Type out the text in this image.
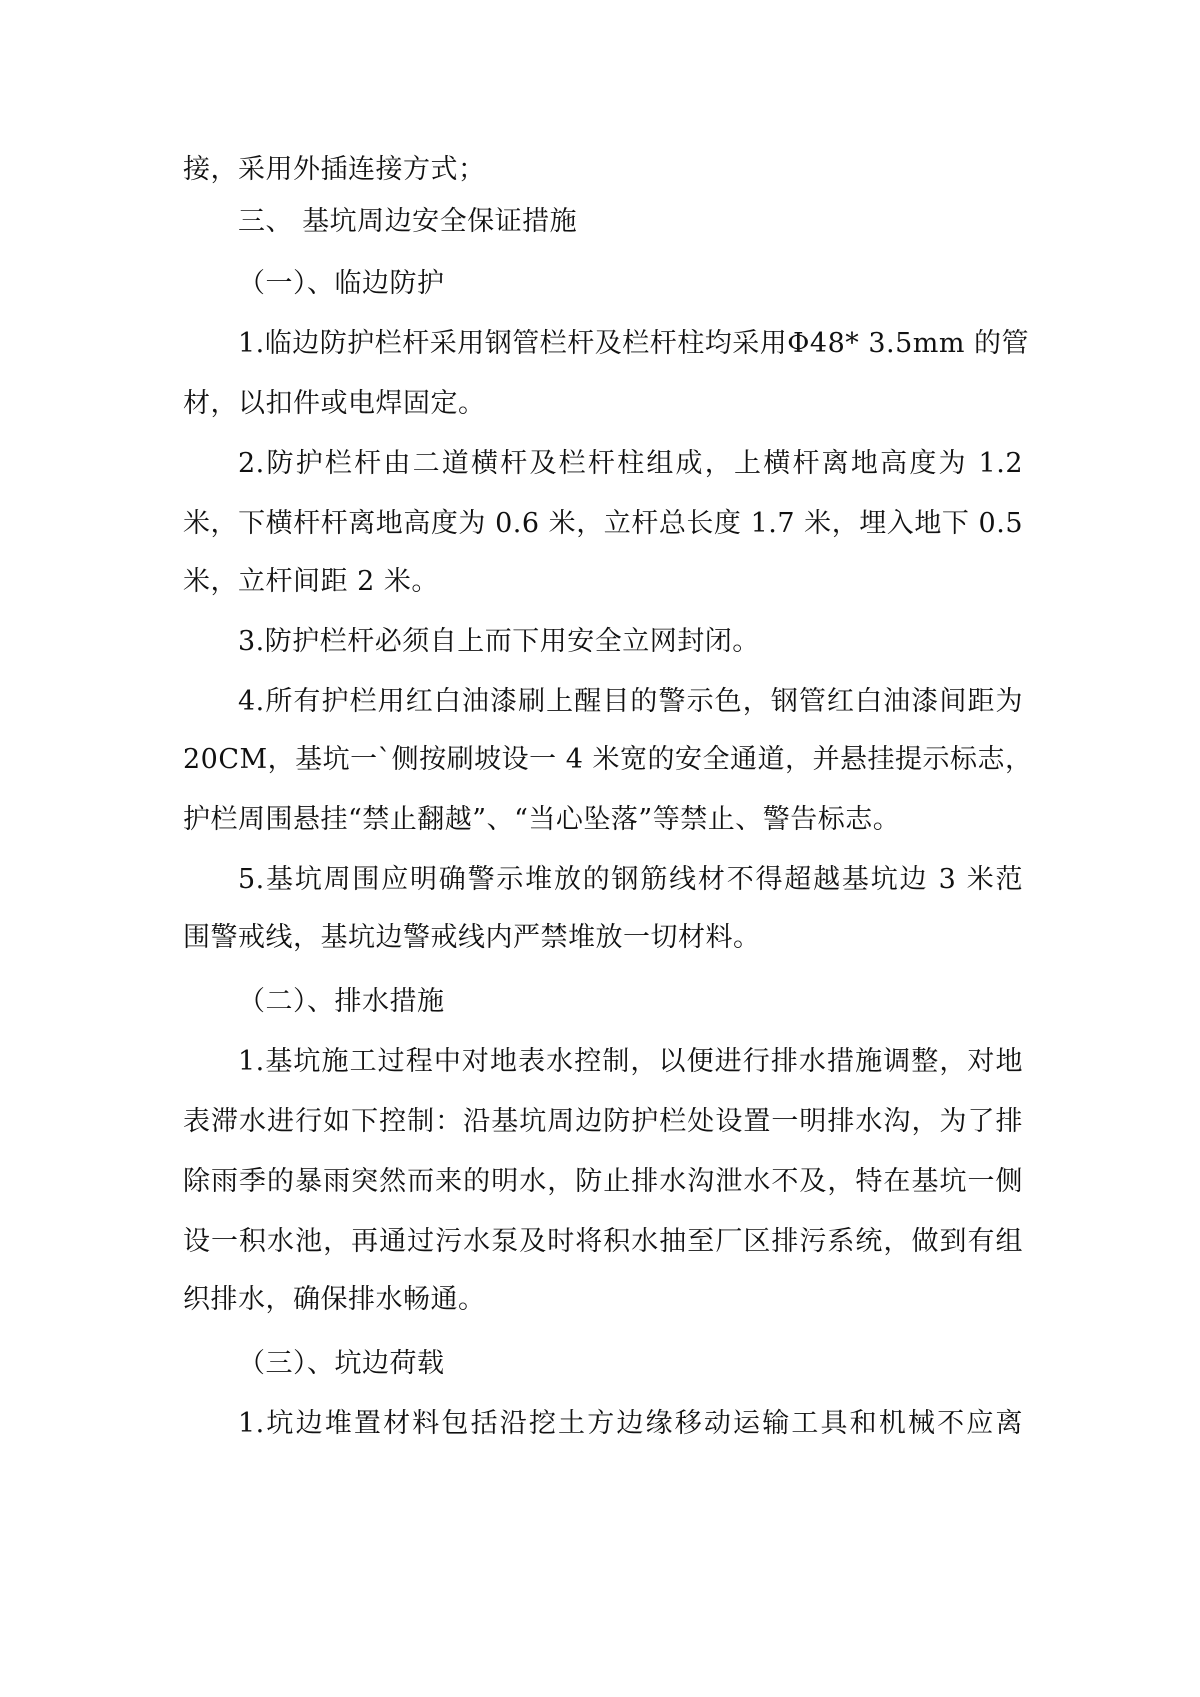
接，采用外插连接方式；
三、 基坑周边安全保证措施
（一）、临边防护
1.临边防护栏杆采用钢管栏杆及栏杆柱均采用Φ48* 3.5mm 的管
材，以扣件或电焊固定。
2.防护栏杆由二道横杆及栏杆柱组成，上横杆离地高度为 1.2
米，下横杆杆离地高度为 0.6 米，立杆总长度 1.7 米，埋入地下 0.5
米，立杆间距 2 米。
3.防护栏杆必须自上而下用安全立网封闭。
4.所有护栏用红白油漆刷上醒目的警示色，钢管红白油漆间距为
20CM，基坑一`侧按刷坡设一 4 米宽的安全通道，并悬挂提示标志，
护栏周围悬挂“禁止翻越”、“当心坠落”等禁止、警告标志。
5.基坑周围应明确警示堆放的钢筋线材不得超越基坑边 3 米范
围警戒线，基坑边警戒线内严禁堆放一切材料。
（二）、排水措施
1.基坑施工过程中对地表水控制，以便进行排水措施调整，对地
表滞水进行如下控制：沿基坑周边防护栏处设置一明排水沟，为了排
除雨季的暴雨突然而来的明水，防止排水沟泄水不及，特在基坑一侧
设一积水池，再通过污水泵及时将积水抽至厂区排污系统，做到有组
织排水，确保排水畅通。
（三）、坑边荷载
1.坑边堆置材料包括沿挖土方边缘移动运输工具和机械不应离
